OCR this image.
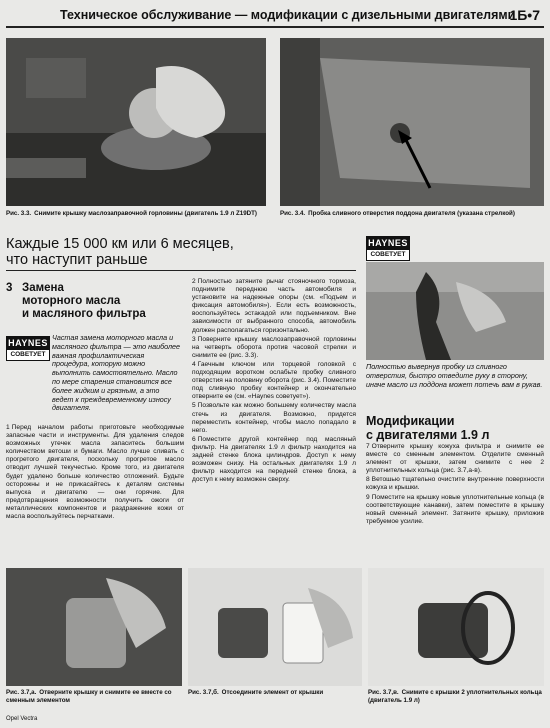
Техническое обслуживание — модификации с дизельными двигателями
1Б•7
Рис. 3.3. Снимите крышку маслозаправочной горловины (двигатель 1.9 л Z19DT)	Рис. 3.4. Пробка сливного отверстия поддона двигателя (указана стрелкой)
Каждые 15 000 км или 6 месяцев,
что наступит раньше
3 Замена
моторного масла
и масляного фильтра
HAYNES
СОВЕТУЕТ
Частая замена моторного масла и масляного фильтра — это наиболее важная профилактическая процедура, которую можно выполнить самостоятельно. Масло по мере старения становится все более жидким и грязным, а это ведет к преждевременному износу двигателя.

1 Перед началом работы приготовьте необходимые запасные части и инструменты. Для удаления следов возможных утечек масла запаситесь большим количеством ветоши и бумаги. Масло лучше сливать с прогретого двигателя, поскольку прогретое масло отводит лучшей текучестью. Кроме того, из двигателя будет удалено больше количество отложений. Будьте осторожны и не прикасайтесь к деталям системы выпуска и двигателю — они горячие. Для предотвращения возможности получить ожоги от металлических компонентов и раздражение кожи от масла воспользуйтесь перчатками.

2 Полностью затяните рычаг стояночного тормоза, поднимите переднюю часть автомобиля и установите на надежные опоры (см. «Подъем и фиксация автомобиля»). Если есть возможность, воспользуйтесь эстакадой или подъемником. Вне зависимости от выбранного способа, автомобиль должен располагаться горизонтально.

3 Поверните крышку маслозаправочной горловины на четверть оборота против часовой стрелки и снимите ее (рис. 3.3).

4 Гаечным ключом или торцевой головкой с подходящим воротком ослабьте пробку сливного отверстия на половину оборота (рис. 3.4). Поместите под сливную пробку контейнер и окончательно отверните ее (см. «Haynes советует»).

5 Позвольте как можно большему количеству масла стечь из двигателя. Возможно, придется переместить контейнер, чтобы масло попадало в него.

6 Поместите другой контейнер под масляный фильтр. На двигателях 1.9 л фильтр находится на задней стенке блока цилиндров. Доступ к нему возможен снизу. На остальных двигателях 1.9 л фильтр находится на передней стенке блока, а доступ к нему возможен сверху.

HAYNES
СОВЕТУЕТ
Полностью вывернув пробку из сливного отверстия, быстро отведите руку в сторону, иначе масло из поддона может потечь вам в рукав.
Модификации
с двигателями 1.9 л

7 Отверните крышку кожуха фильтра и снимите ее вместе со сменным элементом. Отделите сменный элемент от крышки, затем снимите с нее 2 уплотнительных кольца (рис. 3.7,а-в).

8 Ветошью тщательно очистите внутренние поверхности кожуха и крышки.

9 Поместите на крышку новые уплотнительные кольца (в соответствующие канавки), затем поместите в крышку новый сменный элемент. Затяните крышку, приложив требуемое усилие.

Рис. 3.7,а. Отверните крышку и снимите ее вместе со сменным элементом
Рис. 3.7,б. Отсоедините элемент от крышки	Рис. 3.7,в. Снимите с крышки 2 уплотнительных кольца (двигатель 1.9 л)
Opel Vectra
